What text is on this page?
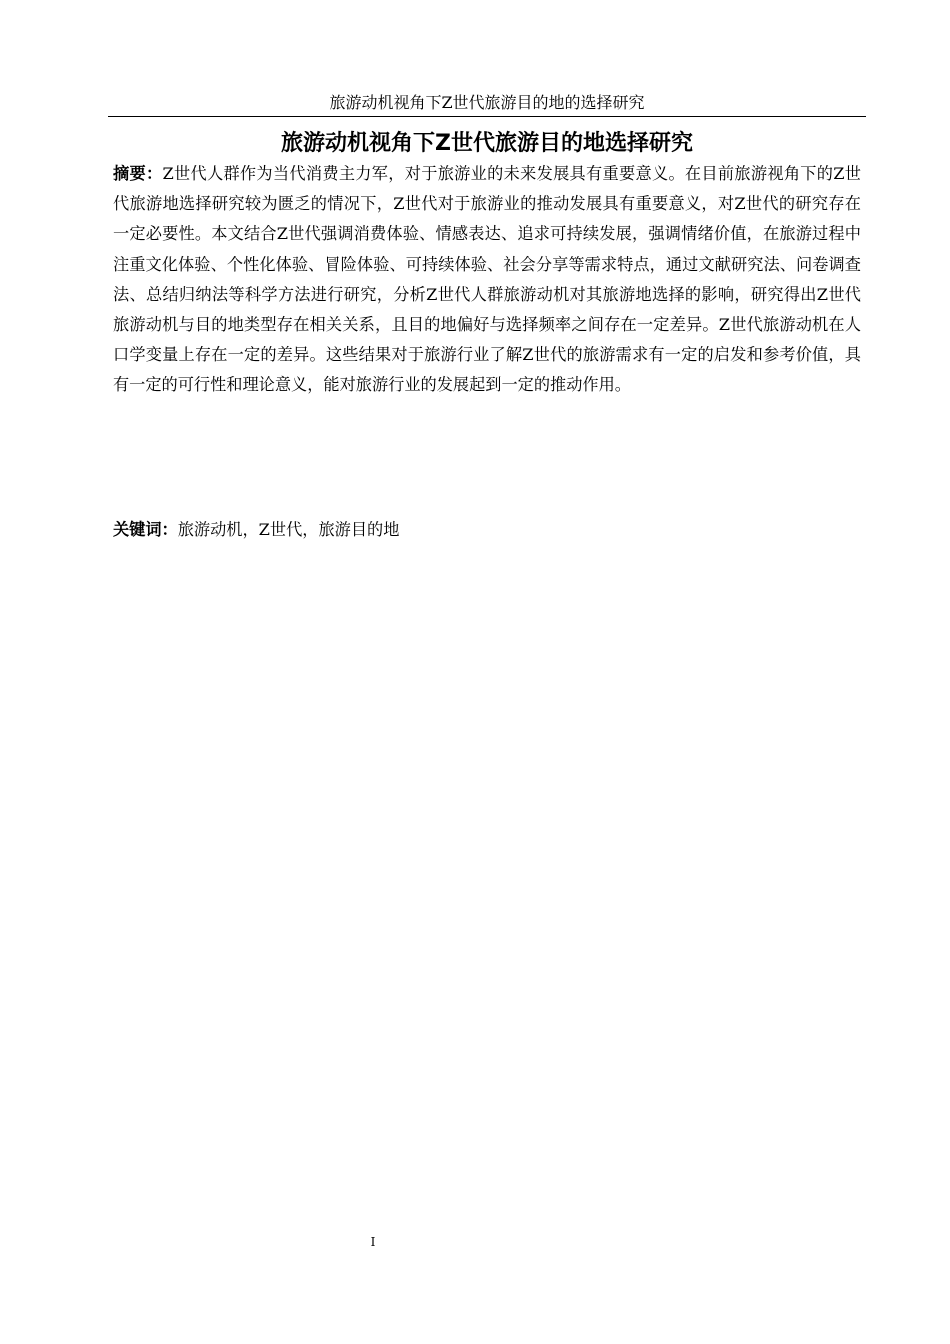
旅游动机视角下Z世代旅游目的地的选择研究
旅游动机视角下Z世代旅游目的地选择研究

摘要：Z世代人群作为当代消费主力军，对于旅游业的未来发展具有重要意义。在目前旅游视角下的Z世代旅游地选择研究较为匮乏的情况下，Z世代对于旅游业的推动发展具有重要意义，对Z世代的研究存在一定必要性。本文结合Z世代强调消费体验、情感表达、追求可持续发展，强调情绪价值，在旅游过程中注重文化体验、个性化体验、冒险体验、可持续体验、社会分享等需求特点，通过文献研究法、问卷调查法、总结归纳法等科学方法进行研究，分析Z世代人群旅游动机对其旅游地选择的影响，研究得出Z世代旅游动机与目的地类型存在相关关系，且目的地偏好与选择频率之间存在一定差异。Z世代旅游动机在人口学变量上存在一定的差异。这些结果对于旅游行业了解Z世代的旅游需求有一定的启发和参考价值，具有一定的可行性和理论意义，能对旅游行业的发展起到一定的推动作用。

关键词：旅游动机，Z世代，旅游目的地

I
